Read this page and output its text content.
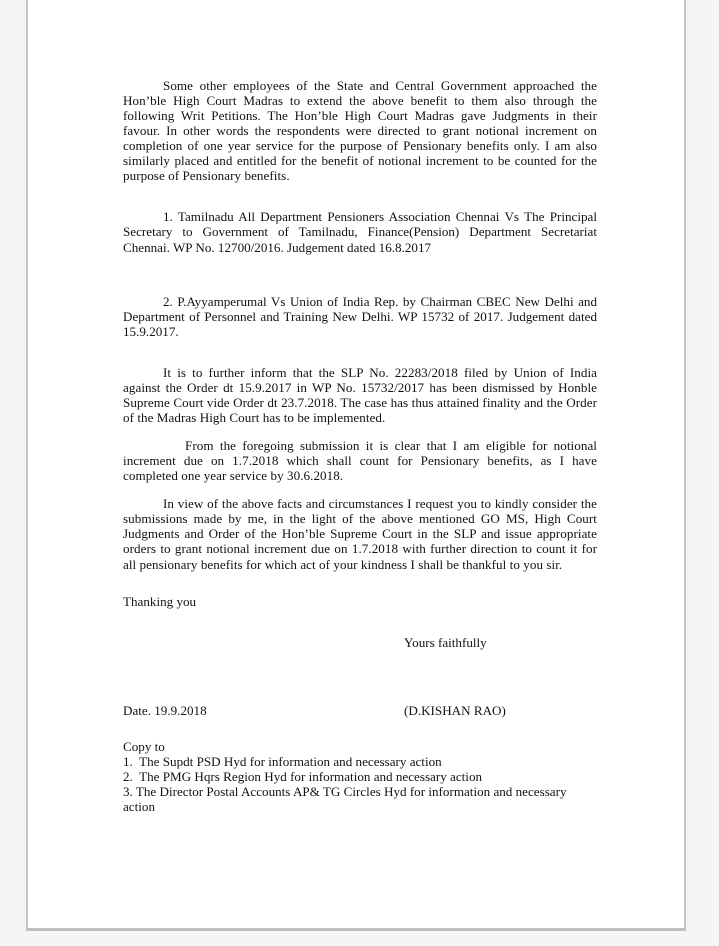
Some other employees of the State and Central Government approached the Hon’ble High Court Madras to extend the above benefit to them also through the following Writ Petitions. The Hon’ble High Court Madras gave Judgments in their favour. In other words the respondents were directed to grant notional increment on completion of one year service for the purpose of Pensionary benefits only. I am also similarly placed and entitled for the benefit of notional increment to be counted for the purpose of Pensionary benefits.

1. Tamilnadu All Department Pensioners Association Chennai Vs The Principal Secretary to Government of Tamilnadu, Finance(Pension) Department Secretariat Chennai. WP No. 12700/2016. Judgement dated 16.8.2017

2. P.Ayyamperumal Vs Union of India Rep. by Chairman CBEC New Delhi and Department of Personnel and Training New Delhi. WP 15732 of 2017. Judgement dated 15.9.2017.

It is to further inform that the SLP No. 22283/2018 filed by Union of India against the Order dt 15.9.2017 in WP No. 15732/2017 has been dismissed by Honble Supreme Court vide Order dt 23.7.2018. The case has thus attained finality and the Order of the Madras High Court has to be implemented.

From the foregoing submission it is clear that I am eligible for notional increment due on 1.7.2018 which shall count for Pensionary benefits, as I have completed one year service by 30.6.2018.

In view of the above facts and circumstances I request you to kindly consider the submissions made by me, in the light of the above mentioned GO MS, High Court Judgments and Order of the Hon’ble Supreme Court in the SLP and issue appropriate orders to grant notional increment due on 1.7.2018 with further direction to count it for all pensionary benefits for which act of your kindness I shall be thankful to you sir.

Thanking you
Yours faithfully
Date. 19.9.2018	(D.KISHAN RAO)
Copy to
1.  The Supdt PSD Hyd for information and necessary action
2.  The PMG Hqrs Region Hyd for information and necessary action
3. The Director Postal Accounts AP& TG Circles Hyd for information and necessary action
